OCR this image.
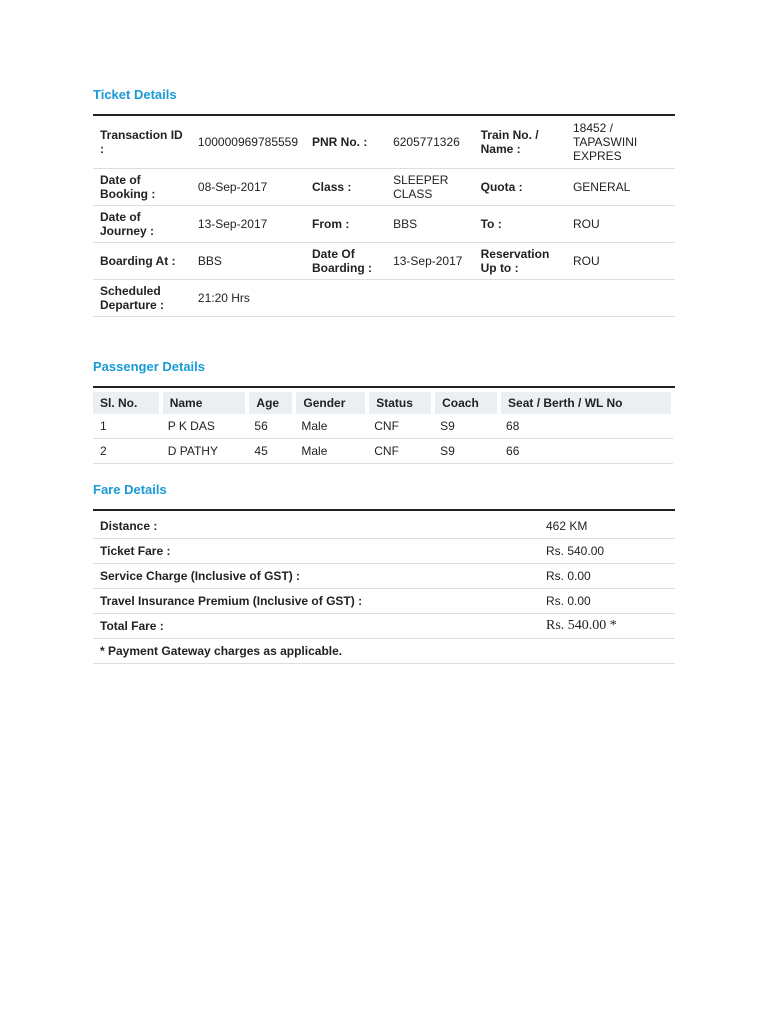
Ticket Details
Transaction ID :	100000969785559	PNR No. :	6205771326	Train No. / Name :	18452 / TAPASWINI EXPRES
Date of Booking :	08-Sep-2017	Class :	SLEEPER CLASS	Quota :	GENERAL
Date of Journey :	13-Sep-2017	From :	BBS	To :	ROU
Boarding At :	BBS	Date Of Boarding :	13-Sep-2017	Reservation Up to :	ROU
Scheduled Departure :	21:20 Hrs				
Passenger Details
Sl. No.	Name	Age	Gender	Status	Coach	Seat / Berth / WL No
1	P K DAS	56	Male	CNF	S9	68
2	D PATHY	45	Male	CNF	S9	66
Fare Details
Distance :	462 KM
Ticket Fare :	Rs. 540.00
Service Charge (Inclusive of GST) :	Rs. 0.00
Travel Insurance Premium (Inclusive of GST) :	Rs. 0.00
Total Fare :	Rs. 540.00 *
* Payment Gateway charges as applicable.	
